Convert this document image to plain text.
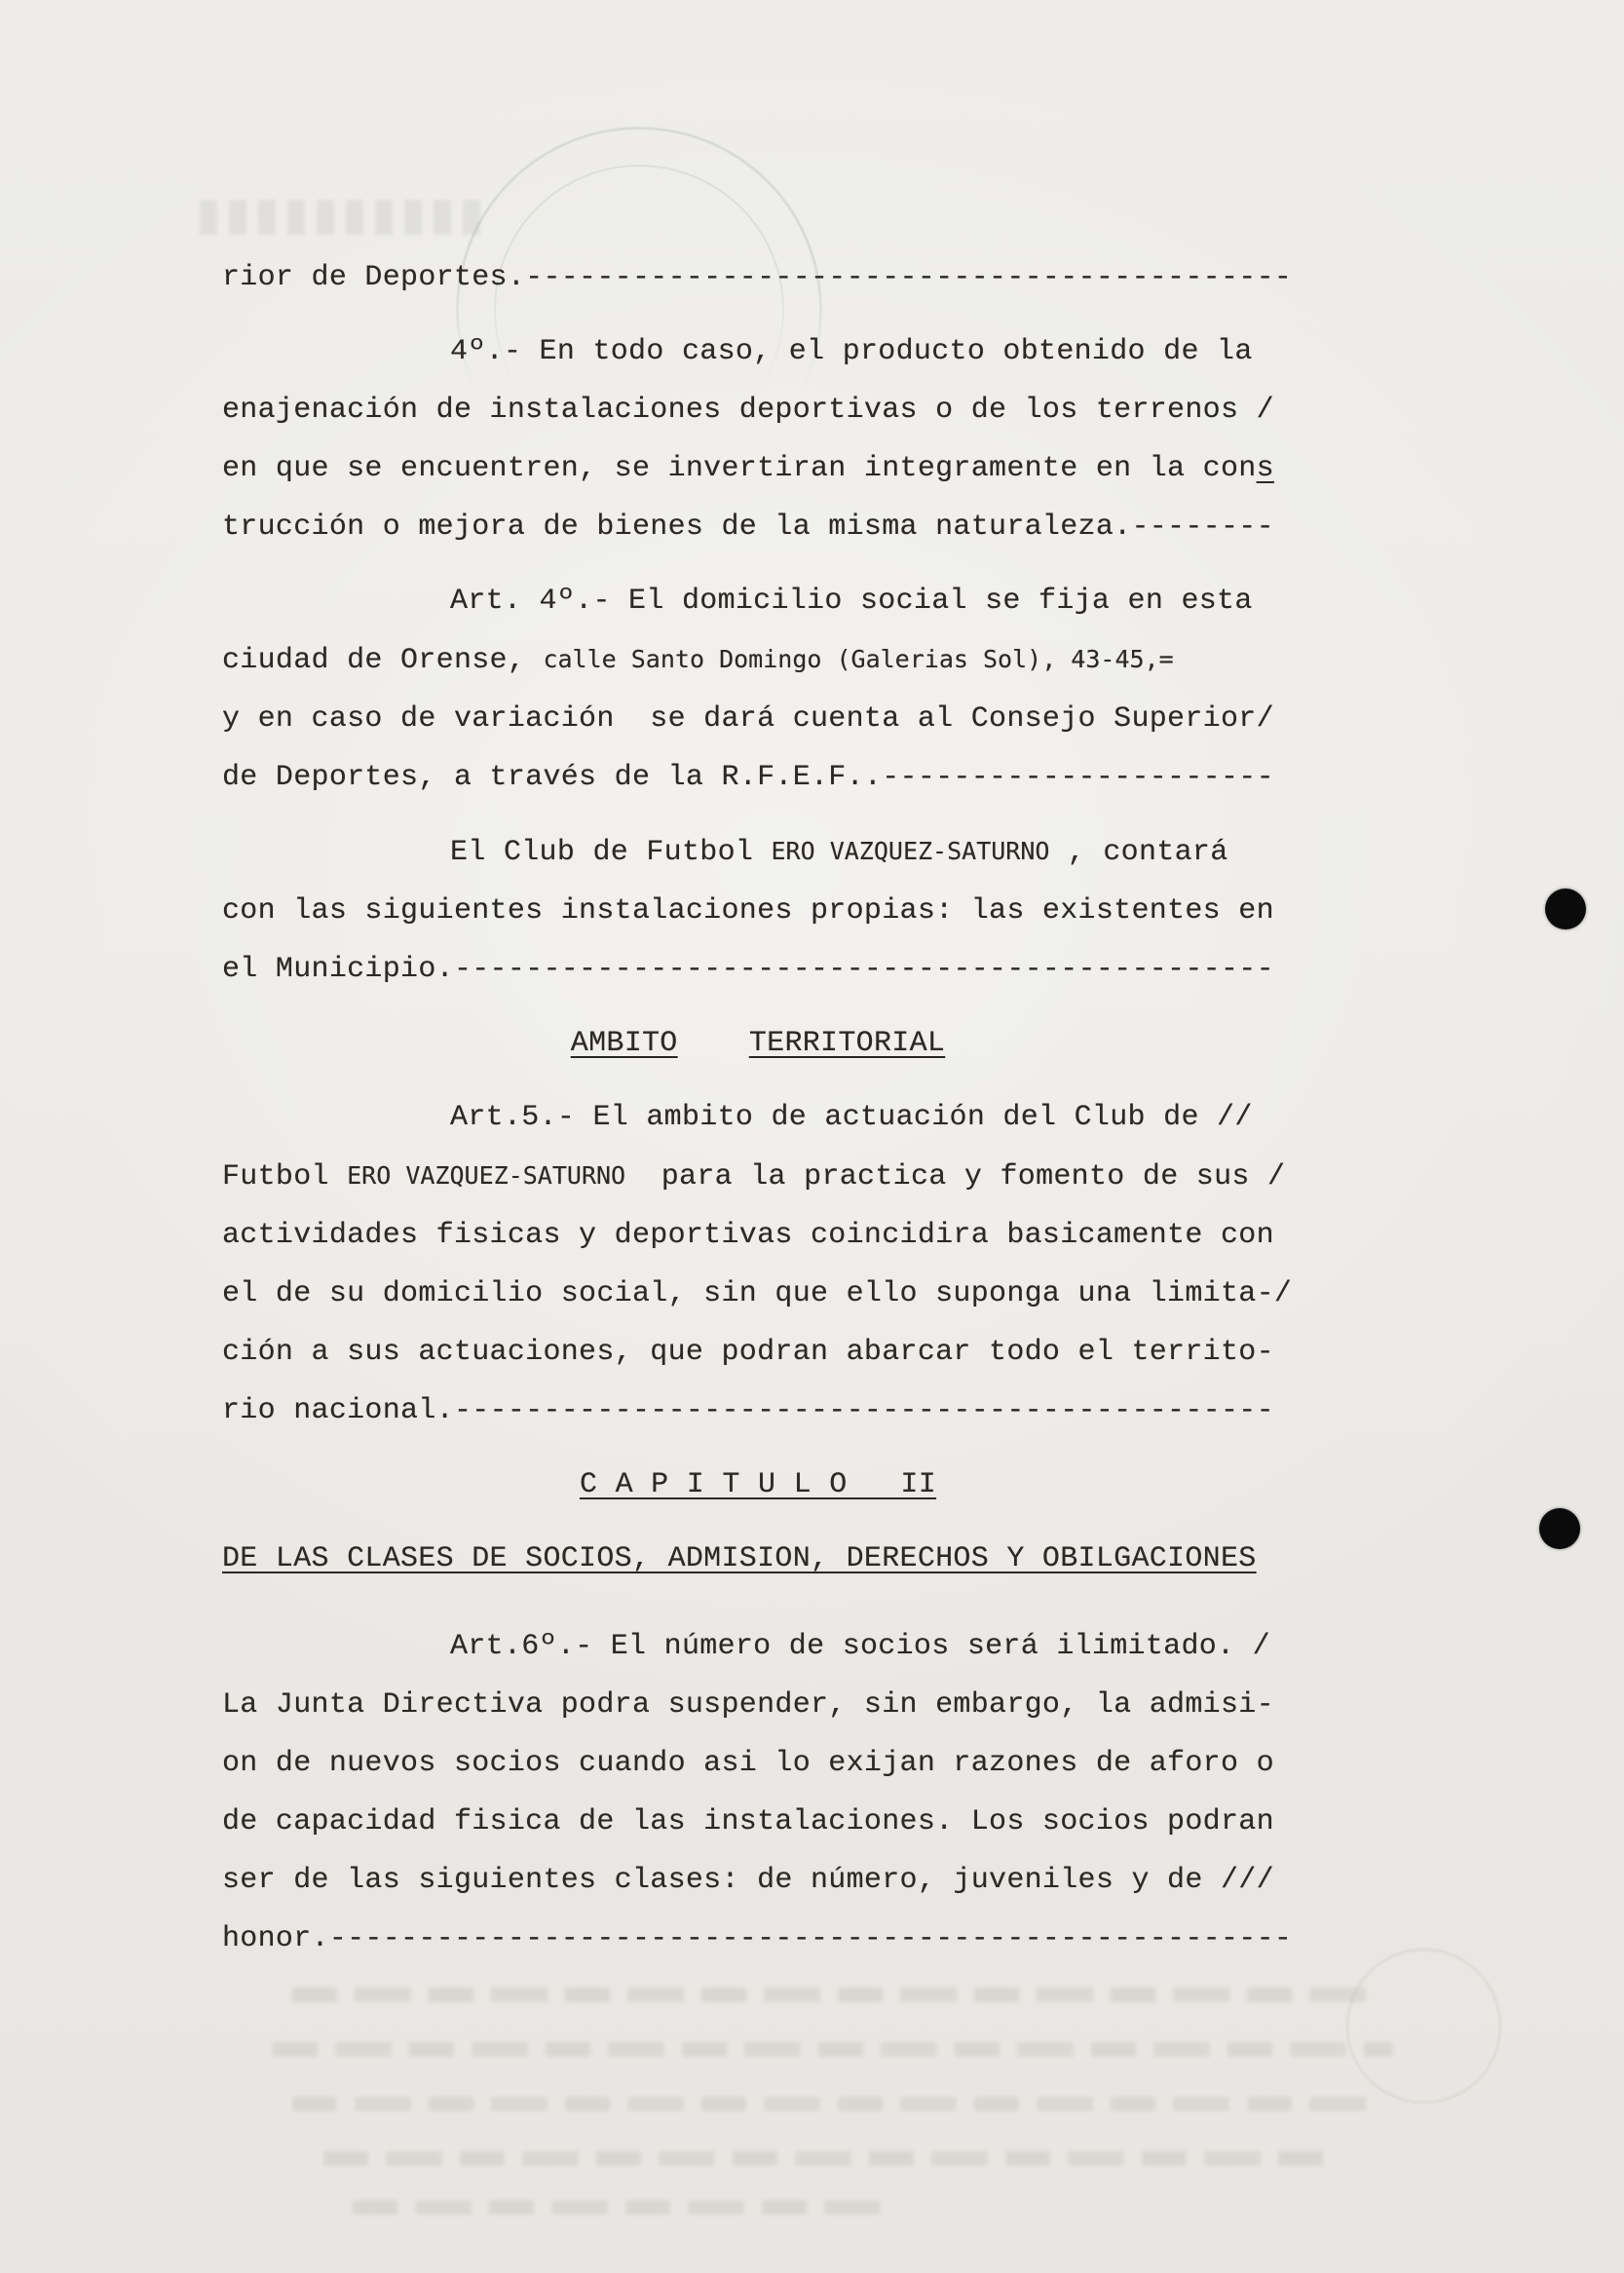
rior de Deportes.-------------------------------------------
4º.- En todo caso, el producto obtenido de la
enajenación de instalaciones deportivas o de los terrenos /
en que se encuentren, se invertiran integramente en la cons
trucción o mejora de bienes de la misma naturaleza.--------
Art. 4º.- El domicilio social se fija en esta
ciudad de Orense, calle Santo Domingo (Galerias Sol), 43-45,=
y en caso de variación  se dará cuenta al Consejo Superior/
de Deportes, a través de la R.F.E.F..----------------------
El Club de Futbol ERO VAZQUEZ-SATURNO , contará
con las siguientes instalaciones propias: las existentes en
el Municipio.----------------------------------------------
AMBITO TERRITORIAL
Art.5.- El ambito de actuación del Club de //
Futbol ERO VAZQUEZ-SATURNO  para la practica y fomento de sus /
actividades fisicas y deportivas coincidira basicamente con
el de su domicilio social, sin que ello suponga una limita-/
ción a sus actuaciones, que podran abarcar todo el territo-
rio nacional.----------------------------------------------
C A P I T U L O   II
DE LAS CLASES DE SOCIOS, ADMISION, DERECHOS Y OBILGACIONES
Art.6º.- El número de socios será ilimitado. /
La Junta Directiva podra suspender, sin embargo, la admisi-
on de nuevos socios cuando asi lo exijan razones de aforo o
de capacidad fisica de las instalaciones. Los socios podran
ser de las siguientes clases: de número, juveniles y de ///
honor.------------------------------------------------------
